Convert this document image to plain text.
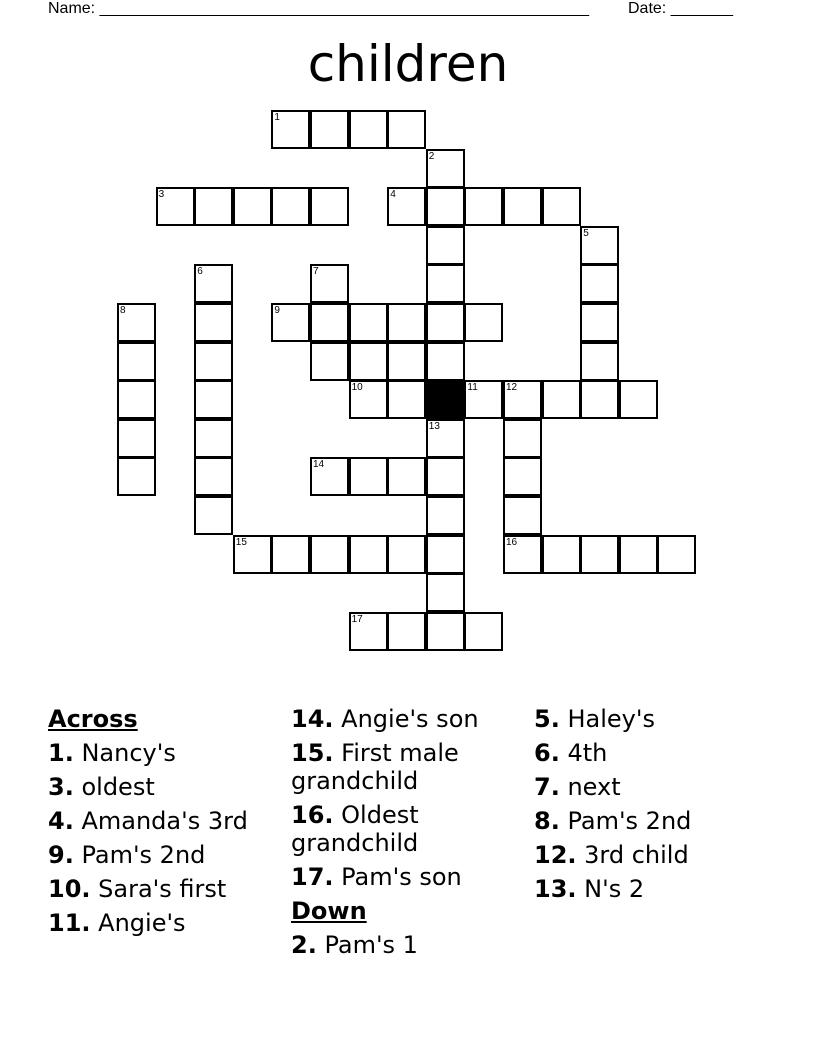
Name: _______________________________________________________ Date: _______
children
1
2
3	4
5
6	7
8	9
10	11	12
13
14
15	16
17
Across
1. Nancy's
3. oldest
4. Amanda's 3rd
9. Pam's 2nd
10. Sara's first
11. Angie's
14. Angie's son
15. First male grandchild
16. Oldest grandchild
17. Pam's son
Down
2. Pam's 1
5. Haley's
6. 4th
7. next
8. Pam's 2nd
12. 3rd child
13. N's 2
